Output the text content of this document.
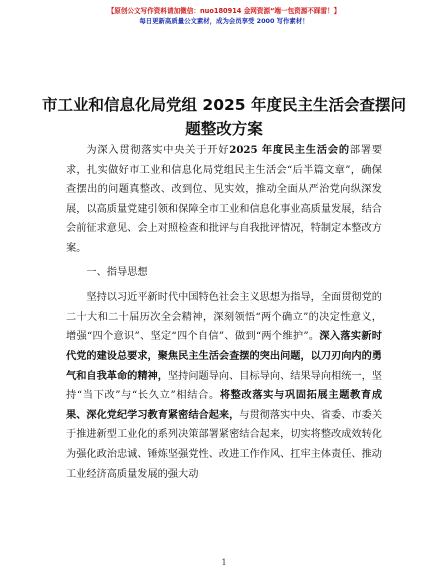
【原创公文写作资料请加微信：nuo180914 金网资源“端一包资源不踩雷！】
每日更新高质量公文素材，成为会员享受 2000 写作素材！
市工业和信息化局党组 2025 年度民主生活会查摆问题整改方案

为深入贯彻落实中央关于开好2025 年度民主生活会的部署要求，扎实做好市工业和信息化局党组民主生活会“后半篇文章”，确保查摆出的问题真整改、改到位、见实效，推动全面从严治党向纵深发展，以高质量党建引领和保障全市工业和信息化事业高质量发展，结合会前征求意见、会上对照检查和批评与自我批评情况，特制定本整改方案。

一、指导思想

坚持以习近平新时代中国特色社会主义思想为指导，全面贯彻党的二十大和二十届历次全会精神，深刻领悟“两个确立”的决定性意义，增强“四个意识”、坚定“四个自信”、做到“两个维护”。深入落实新时代党的建设总要求，聚焦民主生活会查摆的突出问题，以刀刃向内的勇气和自我革命的精神，坚持问题导向、目标导向、结果导向相统一，坚持“当下改”与“长久立”相结合。将整改落实与巩固拓展主题教育成果、深化党纪学习教育紧密结合起来，与贯彻落实中央、省委、市委关于推进新型工业化的系列决策部署紧密结合起来，切实将整改成效转化为强化政治忠诚、锤炼坚强党性、改进工作作风、扛牢主体责任、推动工业经济高质量发展的强大动

1
